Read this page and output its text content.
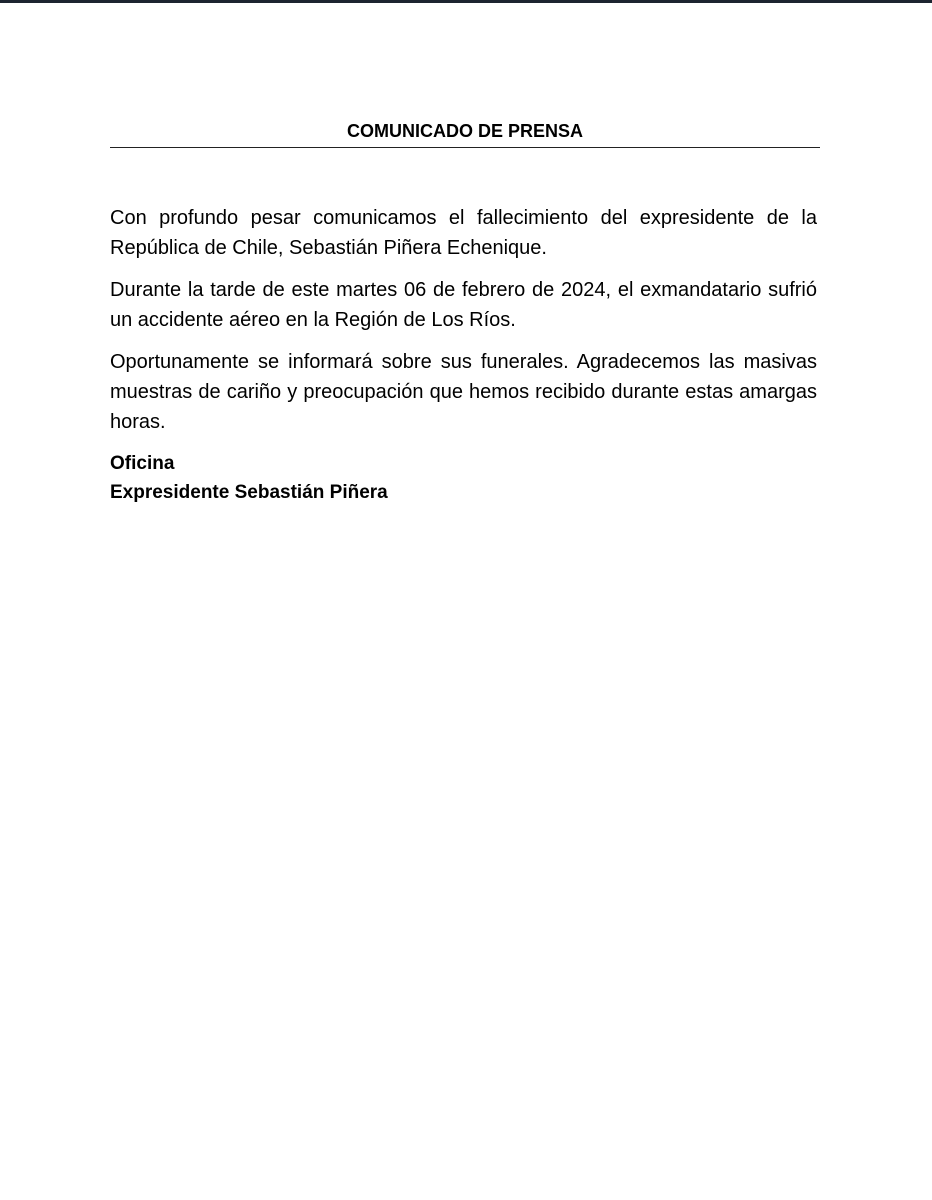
COMUNICADO DE PRENSA

Con profundo pesar comunicamos el fallecimiento del expresidente de la República de Chile, Sebastián Piñera Echenique.

Durante la tarde de este martes 06 de febrero de 2024, el exmandatario sufrió un accidente aéreo en la Región de Los Ríos.

Oportunamente se informará sobre sus funerales. Agradecemos las masivas muestras de cariño y preocupación que hemos recibido durante estas amargas horas.

Oficina
Expresidente Sebastián Piñera
